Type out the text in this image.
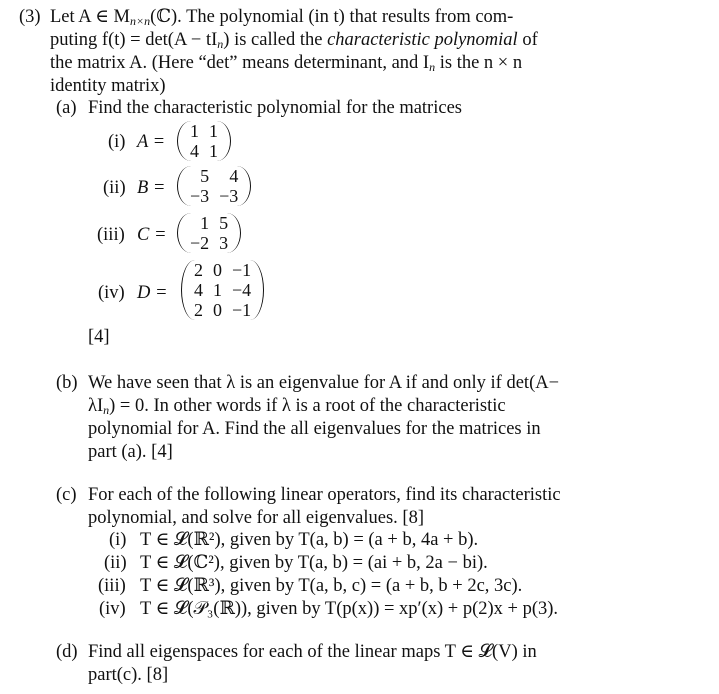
(3) Let A ∈ $M_{n\times n}(ℂ)$. The polynomial (in t) that results from com-
puting $f(t) = \det(A - tI_n)$ is called the characteristic polynomial of
the matrix A. (Here “det” means determinant, and $I_n$ is the n × n
identity matrix)
(a) Find the characteristic polynomial for the matrices
(i) A =
1	1
4	1
(ii) B =
5	4
−3	−3
(iii) C =
1	5
−2	3
(iv) D =
2	0	−1
4	1	−4
2	0	−1
[4]
(b) We have seen that λ is an eigenvalue for A if and only if det(A−
$\lambda I_n) = 0$. In other words if λ is a root of the characteristic
polynomial for A. Find the all eigenvalues for the matrices in
part (a). [4]
(c) For each of the following linear operators, find its characteristic
polynomial, and solve for all eigenvalues. [8]
(i) T ∈ 𝓛(ℝ²), given by T(a, b) = (a + b, 4a + b).
(ii) T ∈ 𝓛(ℂ²), given by T(a, b) = (ai + b, 2a − bi).
(iii) T ∈ 𝓛(ℝ³), given by T(a, b, c) = (a + b, b + 2c, 3c).
(iv) T ∈ 𝓛(𝒫₃(ℝ)), given by T(p(x)) = xp′(x) + p(2)x + p(3).
(d) Find all eigenspaces for each of the linear maps T ∈ 𝓛(V) in
part(c). [8]
